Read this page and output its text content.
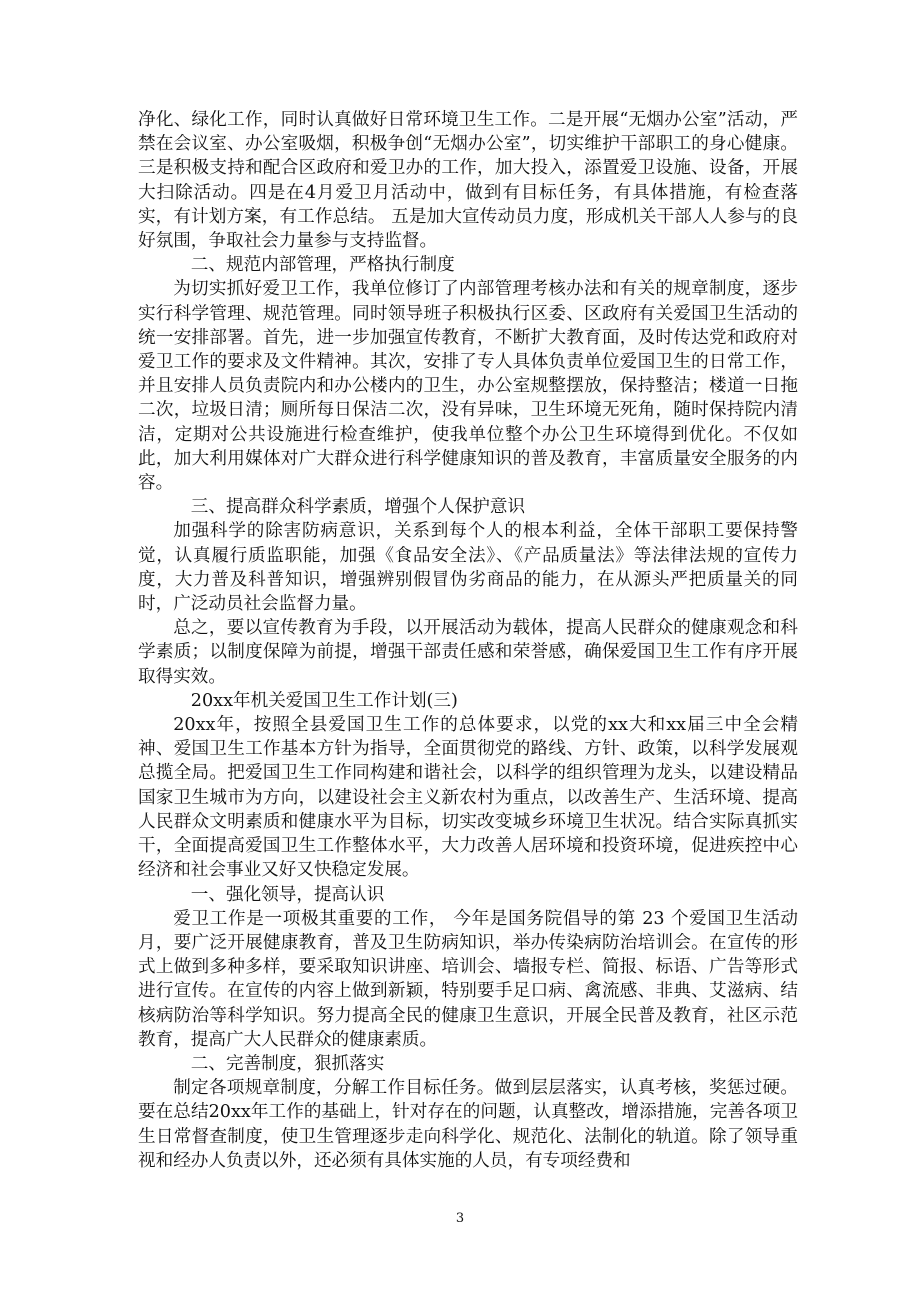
净化、绿化工作，同时认真做好日常环境卫生工作。二是开展“无烟办公室”活动，严禁在会议室、办公室吸烟，积极争创“无烟办公室”，切实维护干部职工的身心健康。三是积极支持和配合区政府和爱卫办的工作，加大投入，添置爱卫设施、设备，开展大扫除活动。四是在4月爱卫月活动中，做到有目标任务，有具体措施，有检查落实，有计划方案，有工作总结。 五是加大宣传动员力度，形成机关干部人人参与的良好氛围，争取社会力量参与支持监督。

二、规范内部管理，严格执行制度

为切实抓好爱卫工作，我单位修订了内部管理考核办法和有关的规章制度，逐步实行科学管理、规范管理。同时领导班子积极执行区委、区政府有关爱国卫生活动的统一安排部署。首先，进一步加强宣传教育，不断扩大教育面，及时传达党和政府对爱卫工作的要求及文件精神。其次，安排了专人具体负责单位爱国卫生的日常工作，并且安排人员负责院内和办公楼内的卫生，办公室规整摆放，保持整洁；楼道一日拖二次，垃圾日清；厕所每日保洁二次，没有异味，卫生环境无死角，随时保持院内清洁，定期对公共设施进行检查维护，使我单位整个办公卫生环境得到优化。不仅如此，加大利用媒体对广大群众进行科学健康知识的普及教育，丰富质量安全服务的内容。

三、提高群众科学素质，增强个人保护意识

加强科学的除害防病意识，关系到每个人的根本利益，全体干部职工要保持警觉，认真履行质监职能，加强《食品安全法》、《产品质量法》等法律法规的宣传力度，大力普及科普知识，增强辨别假冒伪劣商品的能力，在从源头严把质量关的同时，广泛动员社会监督力量。

总之，要以宣传教育为手段，以开展活动为载体，提高人民群众的健康观念和科学素质；以制度保障为前提，增强干部责任感和荣誉感，确保爱国卫生工作有序开展取得实效。

20xx年机关爱国卫生工作计划(三)

20xx年，按照全县爱国卫生工作的总体要求，以党的xx大和xx届三中全会精神、爱国卫生工作基本方针为指导，全面贯彻党的路线、方针、政策，以科学发展观总揽全局。把爱国卫生工作同构建和谐社会，以科学的组织管理为龙头，以建设精品国家卫生城市为方向，以建设社会主义新农村为重点，以改善生产、生活环境、提高人民群众文明素质和健康水平为目标，切实改变城乡环境卫生状况。结合实际真抓实干，全面提高爱国卫生工作整体水平，大力改善人居环境和投资环境，促进疾控中心经济和社会事业又好又快稳定发展。

一、强化领导，提高认识

爱卫工作是一项极其重要的工作， 今年是国务院倡导的第 23 个爱国卫生活动月，要广泛开展健康教育，普及卫生防病知识，举办传染病防治培训会。在宣传的形式上做到多种多样，要采取知识讲座、培训会、墙报专栏、简报、标语、广告等形式进行宣传。在宣传的内容上做到新颖，特别要手足口病、禽流感、非典、艾滋病、结核病防治等科学知识。努力提高全民的健康卫生意识，开展全民普及教育，社区示范教育，提高广大人民群众的健康素质。

二、完善制度，狠抓落实

制定各项规章制度，分解工作目标任务。做到层层落实，认真考核，奖惩过硬。要在总结20xx年工作的基础上，针对存在的问题，认真整改，增添措施，完善各项卫生日常督查制度，使卫生管理逐步走向科学化、规范化、法制化的轨道。除了领导重视和经办人负责以外，还必须有具体实施的人员，有专项经费和

3
